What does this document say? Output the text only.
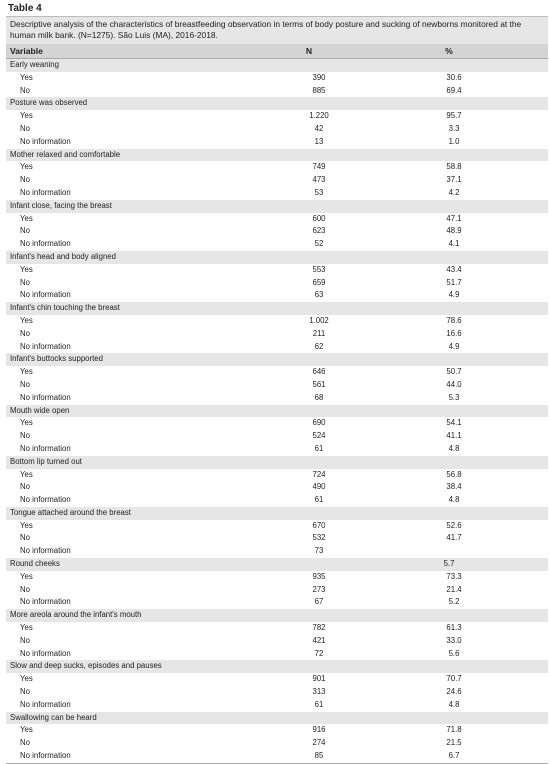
Table 4
Descriptive analysis of the characteristics of breastfeeding observation in terms of body posture and sucking of newborns monitored at the human milk bank. (N=1275). São Luis (MA), 2016-2018.
Variable	N	%
Early weaning
Yes	390	30.6
No	885	69.4
Posture was observed
Yes	1.220	95.7
No	42	3.3
No information	13	1.0
Mother relaxed and comfortable
Yes	749	58.8
No	473	37.1
No information	53	4.2
Infant close, facing the breast
Yes	600	47.1
No	623	48.9
No information	52	4.1
Infant's head and body aligned
Yes	553	43.4
No	659	51.7
No information	63	4.9
Infant's chin touching the breast
Yes	1.002	78.6
No	211	16.6
No information	62	4.9
Infant's buttocks supported
Yes	646	50.7
No	561	44.0
No information	68	5.3
Mouth wide open
Yes	690	54.1
No	524	41.1
No information	61	4.8
Bottom lip turned out
Yes	724	56.8
No	490	38.4
No information	61	4.8
Tongue attached around the breast
Yes	670	52.6
No	532	41.7
No information	73
Round cheeks	5.7
Yes	935	73.3
No	273	21.4
No information	67	5.2
More areola around the infant's mouth
Yes	782	61.3
No	421	33.0
No information	72	5.6
Slow and deep sucks, episodes and pauses
Yes	901	70.7
No	313	24.6
No information	61	4.8
Swallowing can be heard
Yes	916	71.8
No	274	21.5
No information	85	6.7
